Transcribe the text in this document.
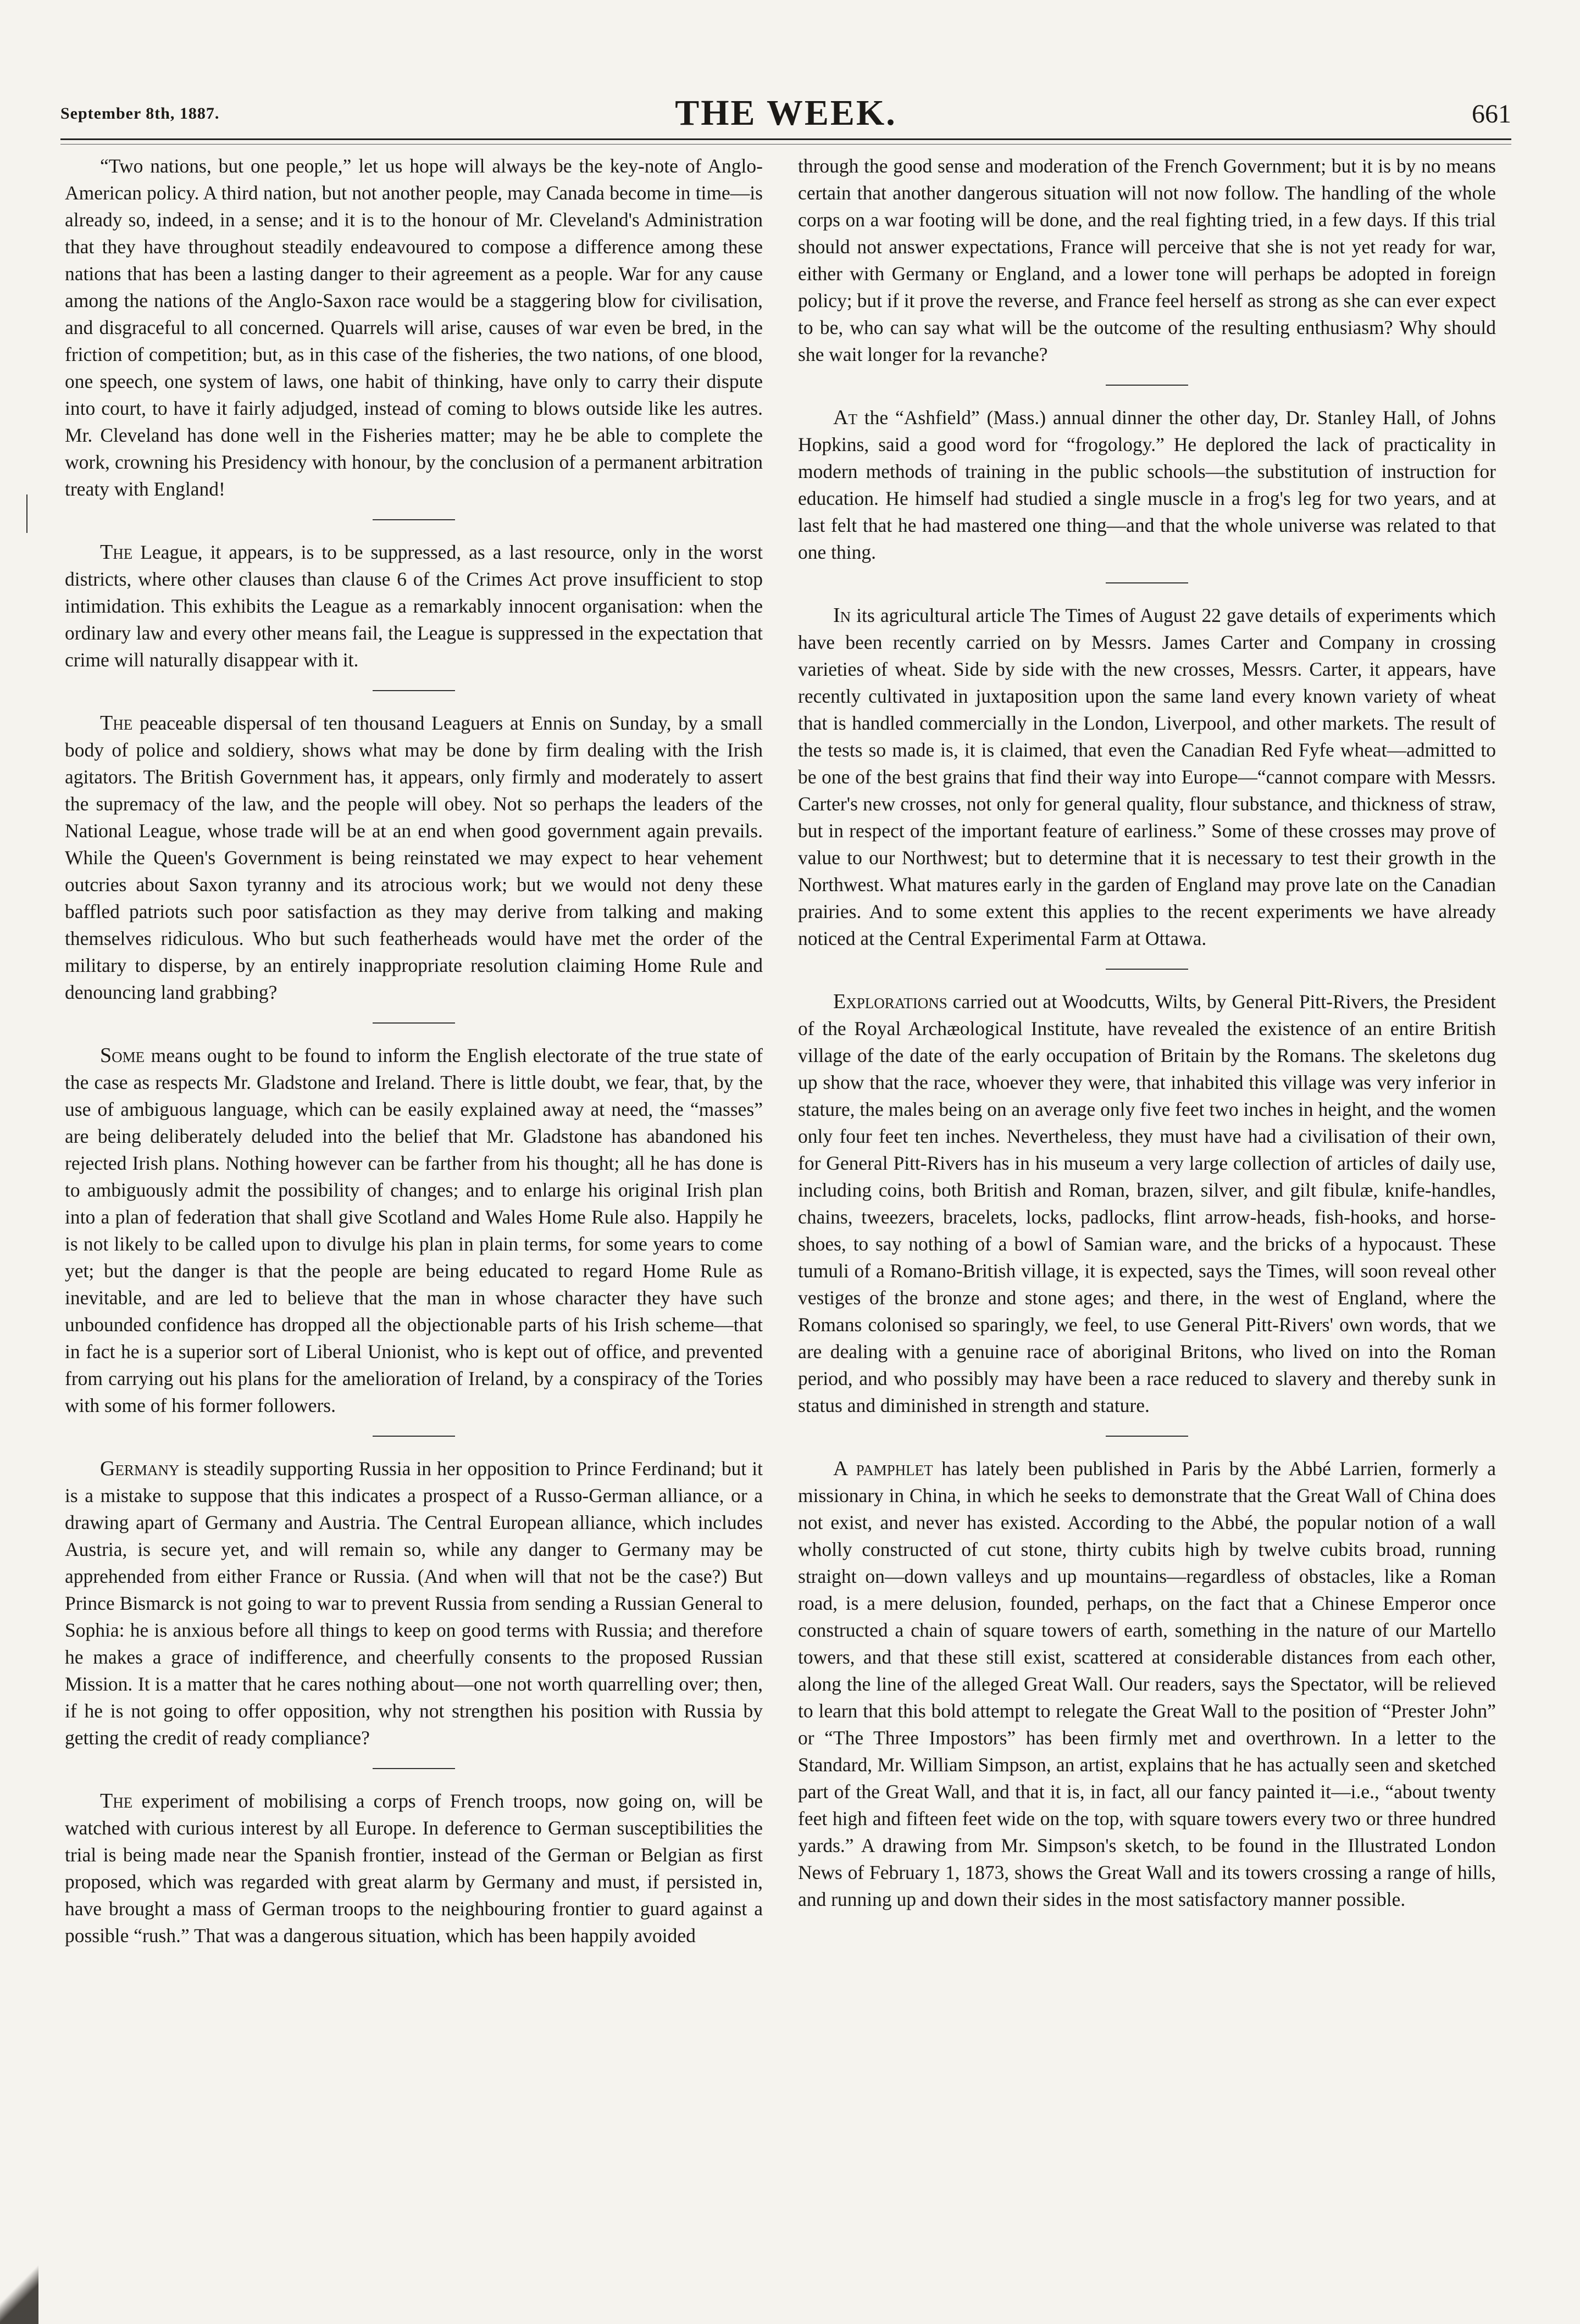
September 8th, 1887.	THE WEEK.	661

“Two nations, but one people,” let us hope will always be the key-note of Anglo-American policy. A third nation, but not another people, may Canada become in time—is already so, indeed, in a sense; and it is to the honour of Mr. Cleveland's Administration that they have throughout steadily endeavoured to compose a difference among these nations that has been a lasting danger to their agreement as a people. War for any cause among the nations of the Anglo-Saxon race would be a staggering blow for civilisation, and disgraceful to all concerned. Quarrels will arise, causes of war even be bred, in the friction of competition; but, as in this case of the fisheries, the two nations, of one blood, one speech, one system of laws, one habit of thinking, have only to carry their dispute into court, to have it fairly adjudged, instead of coming to blows outside like les autres. Mr. Cleveland has done well in the Fisheries matter; may he be able to complete the work, crowning his Presidency with honour, by the conclusion of a permanent arbitration treaty with England!

The League, it appears, is to be suppressed, as a last resource, only in the worst districts, where other clauses than clause 6 of the Crimes Act prove insufficient to stop intimidation. This exhibits the League as a remarkably innocent organisation: when the ordinary law and every other means fail, the League is suppressed in the expectation that crime will naturally disappear with it.

The peaceable dispersal of ten thousand Leaguers at Ennis on Sunday, by a small body of police and soldiery, shows what may be done by firm dealing with the Irish agitators. The British Government has, it appears, only firmly and moderately to assert the supremacy of the law, and the people will obey. Not so perhaps the leaders of the National League, whose trade will be at an end when good government again prevails. While the Queen's Government is being reinstated we may expect to hear vehement outcries about Saxon tyranny and its atrocious work; but we would not deny these baffled patriots such poor satisfaction as they may derive from talking and making themselves ridiculous. Who but such featherheads would have met the order of the military to disperse, by an entirely inappropriate resolution claiming Home Rule and denouncing land grabbing?

Some means ought to be found to inform the English electorate of the true state of the case as respects Mr. Gladstone and Ireland. There is little doubt, we fear, that, by the use of ambiguous language, which can be easily explained away at need, the “masses” are being deliberately deluded into the belief that Mr. Gladstone has abandoned his rejected Irish plans. Nothing however can be farther from his thought; all he has done is to ambiguously admit the possibility of changes; and to enlarge his original Irish plan into a plan of federation that shall give Scotland and Wales Home Rule also. Happily he is not likely to be called upon to divulge his plan in plain terms, for some years to come yet; but the danger is that the people are being educated to regard Home Rule as inevitable, and are led to believe that the man in whose character they have such unbounded confidence has dropped all the objectionable parts of his Irish scheme—that in fact he is a superior sort of Liberal Unionist, who is kept out of office, and prevented from carrying out his plans for the amelioration of Ireland, by a conspiracy of the Tories with some of his former followers.

Germany is steadily supporting Russia in her opposition to Prince Ferdinand; but it is a mistake to suppose that this indicates a prospect of a Russo-German alliance, or a drawing apart of Germany and Austria. The Central European alliance, which includes Austria, is secure yet, and will remain so, while any danger to Germany may be apprehended from either France or Russia. (And when will that not be the case?) But Prince Bismarck is not going to war to prevent Russia from sending a Russian General to Sophia: he is anxious before all things to keep on good terms with Russia; and therefore he makes a grace of indifference, and cheerfully consents to the proposed Russian Mission. It is a matter that he cares nothing about—one not worth quarrelling over; then, if he is not going to offer opposition, why not strengthen his position with Russia by getting the credit of ready compliance?

The experiment of mobilising a corps of French troops, now going on, will be watched with curious interest by all Europe. In deference to German susceptibilities the trial is being made near the Spanish frontier, instead of the German or Belgian as first proposed, which was regarded with great alarm by Germany and must, if persisted in, have brought a mass of German troops to the neighbouring frontier to guard against a possible “rush.” That was a dangerous situation, which has been happily avoided

through the good sense and moderation of the French Government; but it is by no means certain that another dangerous situation will not now follow. The handling of the whole corps on a war footing will be done, and the real fighting tried, in a few days. If this trial should not answer expectations, France will perceive that she is not yet ready for war, either with Germany or England, and a lower tone will perhaps be adopted in foreign policy; but if it prove the reverse, and France feel herself as strong as she can ever expect to be, who can say what will be the outcome of the resulting enthusiasm? Why should she wait longer for la revanche?

At the “Ashfield” (Mass.) annual dinner the other day, Dr. Stanley Hall, of Johns Hopkins, said a good word for “frogology.” He deplored the lack of practicality in modern methods of training in the public schools—the substitution of instruction for education. He himself had studied a single muscle in a frog's leg for two years, and at last felt that he had mastered one thing—and that the whole universe was related to that one thing.

In its agricultural article The Times of August 22 gave details of experiments which have been recently carried on by Messrs. James Carter and Company in crossing varieties of wheat. Side by side with the new crosses, Messrs. Carter, it appears, have recently cultivated in juxtaposition upon the same land every known variety of wheat that is handled commercially in the London, Liverpool, and other markets. The result of the tests so made is, it is claimed, that even the Canadian Red Fyfe wheat—admitted to be one of the best grains that find their way into Europe—“cannot compare with Messrs. Carter's new crosses, not only for general quality, flour substance, and thickness of straw, but in respect of the important feature of earliness.” Some of these crosses may prove of value to our Northwest; but to determine that it is necessary to test their growth in the Northwest. What matures early in the garden of England may prove late on the Canadian prairies. And to some extent this applies to the recent experiments we have already noticed at the Central Experimental Farm at Ottawa.

Explorations carried out at Woodcutts, Wilts, by General Pitt-Rivers, the President of the Royal Archæological Institute, have revealed the existence of an entire British village of the date of the early occupation of Britain by the Romans. The skeletons dug up show that the race, whoever they were, that inhabited this village was very inferior in stature, the males being on an average only five feet two inches in height, and the women only four feet ten inches. Nevertheless, they must have had a civilisation of their own, for General Pitt-Rivers has in his museum a very large collection of articles of daily use, including coins, both British and Roman, brazen, silver, and gilt fibulæ, knife-handles, chains, tweezers, bracelets, locks, padlocks, flint arrow-heads, fish-hooks, and horse-shoes, to say nothing of a bowl of Samian ware, and the bricks of a hypocaust. These tumuli of a Romano-British village, it is expected, says the Times, will soon reveal other vestiges of the bronze and stone ages; and there, in the west of England, where the Romans colonised so sparingly, we feel, to use General Pitt-Rivers' own words, that we are dealing with a genuine race of aboriginal Britons, who lived on into the Roman period, and who possibly may have been a race reduced to slavery and thereby sunk in status and diminished in strength and stature.

A pamphlet has lately been published in Paris by the Abbé Larrien, formerly a missionary in China, in which he seeks to demonstrate that the Great Wall of China does not exist, and never has existed. According to the Abbé, the popular notion of a wall wholly constructed of cut stone, thirty cubits high by twelve cubits broad, running straight on—down valleys and up mountains—regardless of obstacles, like a Roman road, is a mere delusion, founded, perhaps, on the fact that a Chinese Emperor once constructed a chain of square towers of earth, something in the nature of our Martello towers, and that these still exist, scattered at considerable distances from each other, along the line of the alleged Great Wall. Our readers, says the Spectator, will be relieved to learn that this bold attempt to relegate the Great Wall to the position of “Prester John” or “The Three Impostors” has been firmly met and overthrown. In a letter to the Standard, Mr. William Simpson, an artist, explains that he has actually seen and sketched part of the Great Wall, and that it is, in fact, all our fancy painted it—i.e., “about twenty feet high and fifteen feet wide on the top, with square towers every two or three hundred yards.” A drawing from Mr. Simpson's sketch, to be found in the Illustrated London News of February 1, 1873, shows the Great Wall and its towers crossing a range of hills, and running up and down their sides in the most satisfactory manner possible.
